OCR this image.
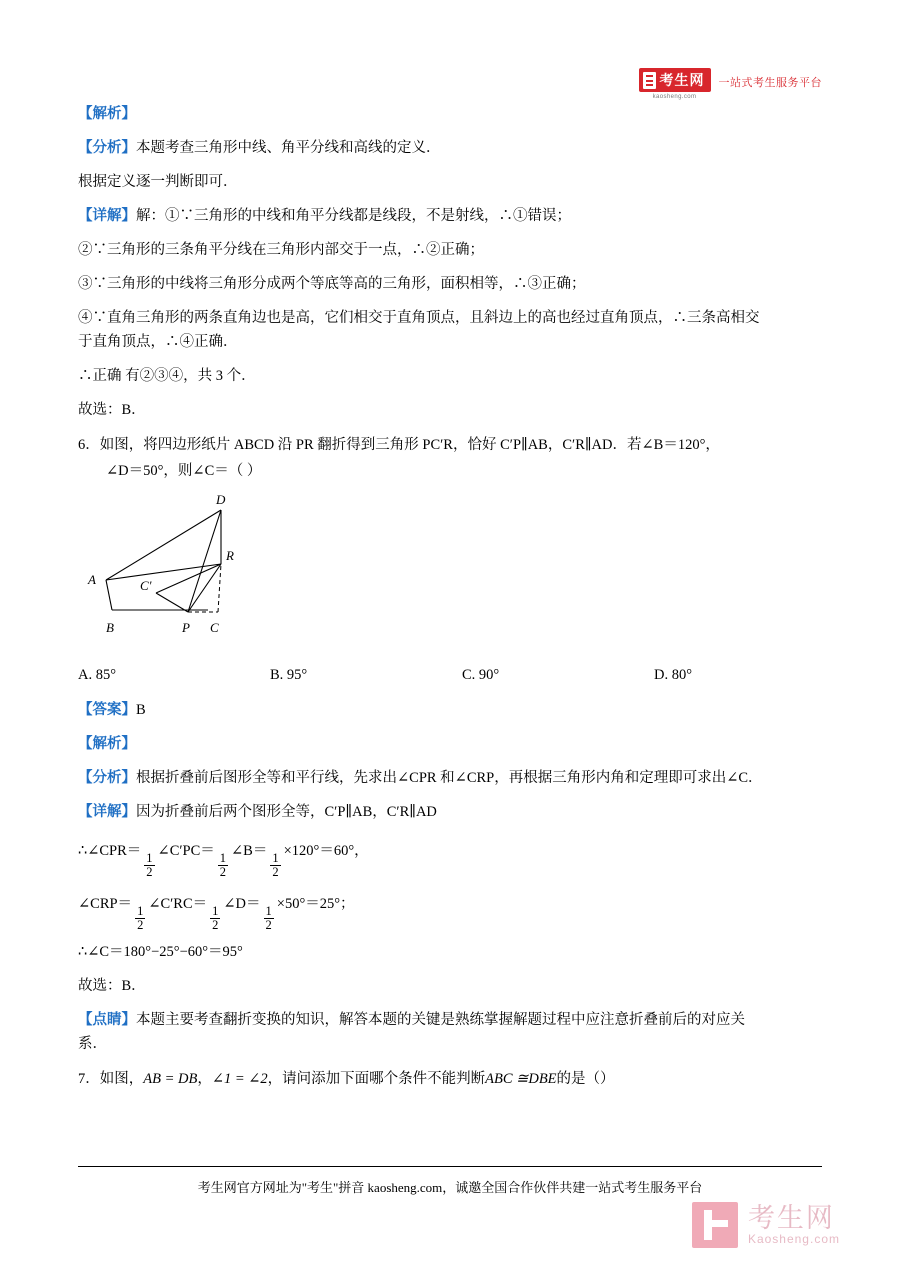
考生网
kaosheng.com
一站式考生服务平台
【解析】
【分析】本题考查三角形中线、角平分线和高线的定义．
根据定义逐一判断即可．
【详解】解：①∵三角形的中线和角平分线都是线段，不是射线，∴①错误；
②∵三角形的三条角平分线在三角形内部交于一点，∴②正确；
③∵三角形的中线将三角形分成两个等底等高的三角形，面积相等，∴③正确；
④∵直角三角形的两条直角边也是高，它们相交于直角顶点，且斜边上的高也经过直角顶点，∴三条高相交
于直角顶点，∴④正确．
∴正确 有②③④，共 3 个．
故选：B．
6．如图，将四边形纸片 ABCD 沿 PR 翻折得到三角形 PC′R，恰好 C′P∥AB，C′R∥AD．若∠B＝120°，
∠D＝50°，则∠C＝（ ）
D
R
C'
A
B	P C
A. 85°	B. 95°	C. 90°	D. 80°
【答案】B
【解析】
【分析】根据折叠前后图形全等和平行线，先求出∠CPR 和∠CRP，再根据三角形内角和定理即可求出∠C．
【详解】因为折叠前后两个图形全等，C′P∥AB，C′R∥AD
∴∠CPR＝
$\frac{1}{2}$
∠C′PC＝
$\frac{1}{2}$
∠B＝
$\frac{1}{2}$
×120°＝60°，
∠CRP＝
$\frac{1}{2}$
∠C′RC＝
$\frac{1}{2}$
∠D＝
$\frac{1}{2}$
×50°＝25°；
∴∠C＝180°−25°−60°＝95°
故选：B．
【点睛】本题主要考查翻折变换的知识，解答本题的关键是熟练掌握解题过程中应注意折叠前后的对应关
系．
7．如图，AB = DB，∠1 = ∠2，请问添加下面哪个条件不能判断ABC ≅DBE的是（）
考生网官方网址为"考生"拼音 kaosheng.com，诚邀全国合作伙伴共建一站式考生服务平台
考生网
Kaosheng.com
